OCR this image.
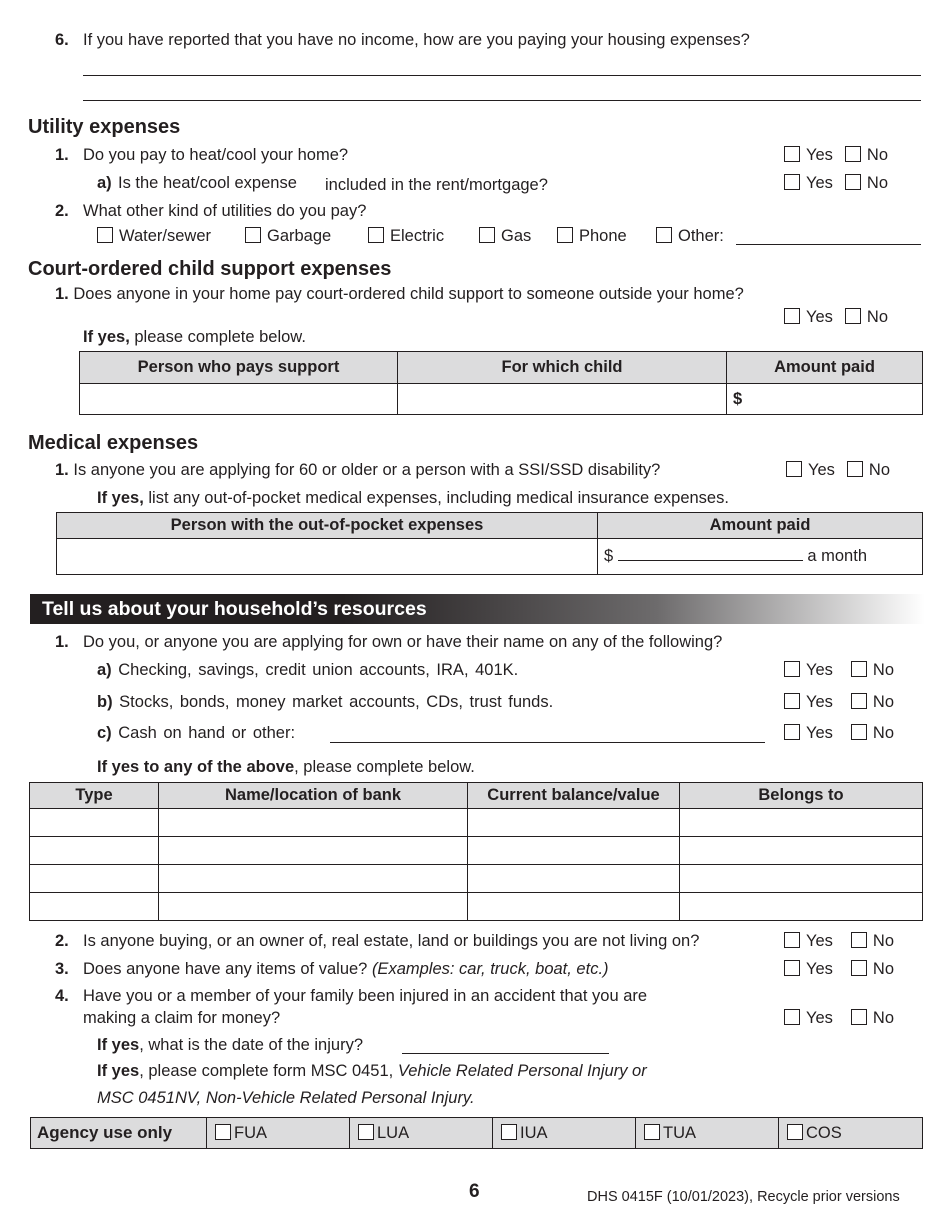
6. If you have reported that you have no income, how are you paying your housing expenses?
Utility expenses
1. Do you pay to heat/cool your home?	Yes No
a) Is the heat/cool expense included in the rent/mortgage?	Yes No
2. What other kind of utilities do you pay?
Water/sewer	Garbage	Electric	Gas	Phone	Other:
Court-ordered child support expenses
1. Does anyone in your home pay court-ordered child support to someone outside your home?
Yes No
If yes, please complete below.
Person who pays support	For which child	Amount paid
		$
Medical expenses
1. Is anyone you are applying for 60 or older or a person with a SSI/SSD disability?	Yes No
If yes, list any out-of-pocket medical expenses, including medical insurance expenses.
Person with the out-of-pocket expenses	Amount paid
	$ a month
Tell us about your household’s resources
1. Do you, or anyone you are applying for own or have their name on any of the following?
a) Checking, savings, credit union accounts, IRA, 401K.	Yes No
b) Stocks, bonds, money market accounts, CDs, trust funds.	Yes No
c) Cash on hand or other:	Yes No
If yes to any of the above, please complete below.
Type	Name/location of bank	Current balance/value	Belongs to

2. Is anyone buying, or an owner of, real estate, land or buildings you are not living on?	Yes No
3. Does anyone have any items of value? (Examples: car, truck, boat, etc.)	Yes No
4. Have you or a member of your family been injured in an accident that you are
making a claim for money?	Yes No
If yes, what is the date of the injury?
If yes, please complete form MSC 0451, Vehicle Related Personal Injury or
MSC 0451NV, Non-Vehicle Related Personal Injury.
Agency use only	FUA	LUA	IUA	TUA	COS
6	DHS 0415F (10/01/2023), Recycle prior versions
